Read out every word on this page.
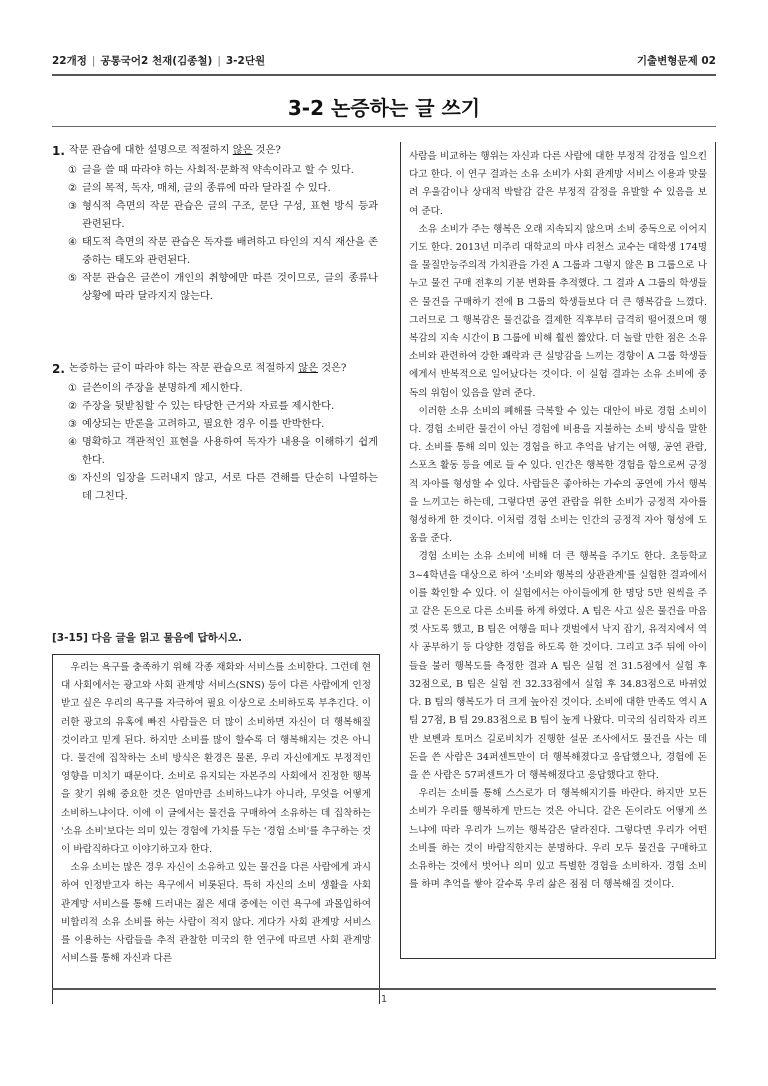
22개정 | 공통국어2 천재(김종철) | 3-2단원	기출변형문제 02
3-2 논증하는 글 쓰기
1. 작문 관습에 대한 설명으로 적절하지 않은 것은?
① 글을 쓸 때 따라야 하는 사회적·문화적 약속이라고 할 수 있다.
② 글의 목적, 독자, 매체, 글의 종류에 따라 달라질 수 있다.
③ 형식적 측면의 작문 관습은 글의 구조, 문단 구성, 표현 방식 등과 관련된다.
④ 태도적 측면의 작문 관습은 독자를 배려하고 타인의 지식 재산을 존중하는 태도와 관련된다.
⑤ 작문 관습은 글쓴이 개인의 취향에만 따른 것이므로, 글의 종류나 상황에 따라 달라지지 않는다.
2. 논증하는 글이 따라야 하는 작문 관습으로 적절하지 않은 것은?
① 글쓴이의 주장을 분명하게 제시한다.
② 주장을 뒷받침할 수 있는 타당한 근거와 자료를 제시한다.
③ 예상되는 반론을 고려하고, 필요한 경우 이를 반박한다.
④ 명확하고 객관적인 표현을 사용하여 독자가 내용을 이해하기 쉽게 한다.
⑤ 자신의 입장을 드러내지 않고, 서로 다른 견해를 단순히 나열하는 데 그친다.
[3-15] 다음 글을 읽고 물음에 답하시오.

우리는 욕구를 충족하기 위해 각종 재화와 서비스를 소비한다. 그런데 현대 사회에서는 광고와 사회 관계망 서비스(SNS) 등이 다른 사람에게 인정받고 싶은 우리의 욕구를 자극하여 필요 이상으로 소비하도록 부추긴다. 이러한 광고의 유혹에 빠진 사람들은 더 많이 소비하면 자신이 더 행복해질 것이라고 믿게 된다. 하지만 소비를 많이 할수록 더 행복해지는 것은 아니다. 물건에 집착하는 소비 방식은 환경은 물론, 우리 자신에게도 부정적인 영향을 미치기 때문이다. 소비로 유지되는 자본주의 사회에서 진정한 행복을 찾기 위해 중요한 것은 얼마만큼 소비하느냐가 아니라, 무엇을 어떻게 소비하느냐이다. 이에 이 글에서는 물건을 구매하여 소유하는 데 집착하는 '소유 소비'보다는 의미 있는 경험에 가치를 두는 '경험 소비'를 추구하는 것이 바람직하다고 이야기하고자 한다.

소유 소비는 많은 경우 자신이 소유하고 있는 물건을 다른 사람에게 과시하여 인정받고자 하는 욕구에서 비롯된다. 특히 자신의 소비 생활을 사회 관계망 서비스를 통해 드러내는 젊은 세대 중에는 이런 욕구에 과몰입하여 비합리적 소유 소비를 하는 사람이 적지 않다. 게다가 사회 관계망 서비스를 이용하는 사람들을 추적 관찰한 미국의 한 연구에 따르면 사회 관계망 서비스를 통해 자신과 다른

사람을 비교하는 행위는 자신과 다른 사람에 대한 부정적 감정을 일으킨다고 한다. 이 연구 결과는 소유 소비가 사회 관계망 서비스 이용과 맞물려 우울감이나 상대적 박탈감 같은 부정적 감정을 유발할 수 있음을 보여 준다.

소유 소비가 주는 행복은 오래 지속되지 않으며 소비 중독으로 이어지기도 한다. 2013년 미주리 대학교의 마샤 리천스 교수는 대학생 174명을 물질만능주의적 가치관을 가진 A 그룹과 그렇지 않은 B 그룹으로 나누고 물건 구매 전후의 기분 변화를 추적했다. 그 결과 A 그룹의 학생들은 물건을 구매하기 전에 B 그룹의 학생들보다 더 큰 행복감을 느꼈다. 그러므로 그 행복감은 물건값을 결제한 직후부터 급격히 떨어졌으며 행복감의 지속 시간이 B 그룹에 비해 훨씬 짧았다. 더 놀랄 만한 점은 소유 소비와 관련하여 강한 쾌락과 큰 실망감을 느끼는 경향이 A 그룹 학생들에게서 반복적으로 일어났다는 것이다. 이 실험 결과는 소유 소비에 중독의 위험이 있음을 알려 준다.

이러한 소유 소비의 폐해를 극복할 수 있는 대안이 바로 경험 소비이다. 경험 소비란 물건이 아닌 경험에 비용을 지불하는 소비 방식을 말한다. 소비를 통해 의미 있는 경험을 하고 추억을 남기는 여행, 공연 관람, 스포츠 활동 등을 예로 들 수 있다. 인간은 행복한 경험을 함으로써 긍정적 자아를 형성할 수 있다. 사람들은 좋아하는 가수의 공연에 가서 행복을 느끼고는 하는데, 그렇다면 공연 관람을 위한 소비가 긍정적 자아를 형성하게 한 것이다. 이처럼 경험 소비는 인간의 긍정적 자아 형성에 도움을 준다.

경험 소비는 소유 소비에 비해 더 큰 행복을 주기도 한다. 초등학교 3~4학년을 대상으로 하여 '소비와 행복의 상관관계'를 실험한 결과에서 이를 확인할 수 있다. 이 실험에서는 아이들에게 한 명당 5만 원씩을 주고 같은 돈으로 다른 소비를 하게 하였다. A 팀은 사고 싶은 물건을 마음껏 사도록 했고, B 팀은 여행을 떠나 갯벌에서 낙지 잡기, 유적지에서 역사 공부하기 등 다양한 경험을 하도록 한 것이다. 그리고 3주 뒤에 아이들을 불러 행복도를 측정한 결과 A 팀은 실험 전 31.5점에서 실험 후 32점으로, B 팀은 실험 전 32.33점에서 실험 후 34.83점으로 바뀌었다. B 팀의 행복도가 더 크게 높아진 것이다. 소비에 대한 만족도 역시 A 팀 27점, B 팀 29.83점으로 B 팀이 높게 나왔다. 미국의 심리학자 리프 반 보벤과 토머스 길로비치가 진행한 설문 조사에서도 물건을 사는 데 돈을 쓴 사람은 34퍼센트만이 더 행복해졌다고 응답했으나, 경험에 돈을 쓴 사람은 57퍼센트가 더 행복해졌다고 응답했다고 한다.

우리는 소비를 통해 스스로가 더 행복해지기를 바란다. 하지만 모든 소비가 우리를 행복하게 만드는 것은 아니다. 같은 돈이라도 어떻게 쓰느냐에 따라 우리가 느끼는 행복감은 달라진다. 그렇다면 우리가 어떤 소비를 하는 것이 바람직한지는 분명하다. 우리 모두 물건을 구매하고 소유하는 것에서 벗어나 의미 있고 특별한 경험을 소비하자. 경험 소비를 하며 추억을 쌓아 갈수록 우리 삶은 점점 더 행복해질 것이다.

1
